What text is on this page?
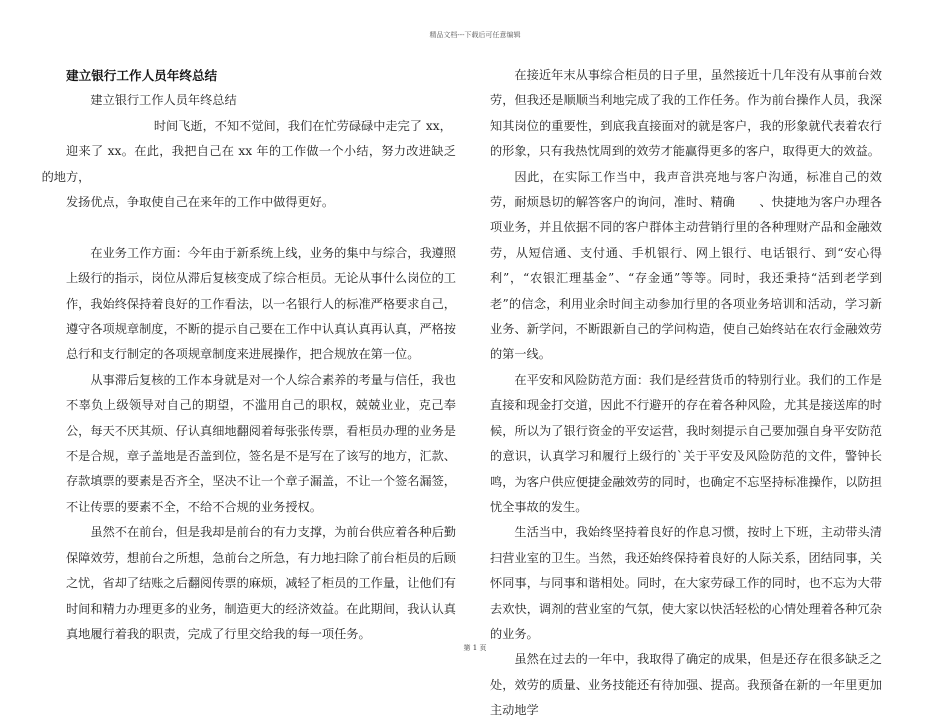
精品文档---下载后可任意编辑
建立银行工作人员年终总结

建立银行工作人员年终总结

时间飞逝，不知不觉间，我们在忙劳碌碌中走完了 xx，
迎来了 xx。在此，我把自己在 xx 年的工作做一个小结，努力改进缺乏的地方，
发扬优点，争取使自己在来年的工作中做得更好。

在业务工作方面：今年由于新系统上线，业务的集中与综合，我遵照上级行的指示，岗位从滞后复核变成了综合柜员。无论从事什么岗位的工作，我始终保持着良好的工作看法，以一名银行人的标准严格要求自己，遵守各项规章制度，不断的提示自己要在工作中认真认真再认真，严格按总行和支行制定的各项规章制度来进展操作，把合规放在第一位。

从事滞后复核的工作本身就是对一个人综合素养的考量与信任，我也不辜负上级领导对自己的期望，不滥用自己的职权，兢兢业业，克己奉公，每天不厌其烦、仔认真细地翻阅着每张张传票，看柜员办理的业务是不是合规，章子盖地是否盖到位，签名是不是写在了该写的地方，汇款、存款填票的要素是否齐全，坚决不让一个章子漏盖，不让一个签名漏签，不让传票的要素不全，不给不合规的业务授权。

虽然不在前台，但是我却是前台的有力支撑，为前台供应着各种后勤保障效劳，想前台之所想，急前台之所急，有力地扫除了前台柜员的后顾之忧，省却了结账之后翻阅传票的麻烦，减轻了柜员的工作量，让他们有时间和精力办理更多的业务，制造更大的经济效益。在此期间，我认认真真地履行着我的职责，完成了行里交给我的每一项任务。

在接近年末从事综合柜员的日子里，虽然接近十几年没有从事前台效劳，但我还是顺顺当利地完成了我的工作任务。作为前台操作人员，我深知其岗位的重要性，到底我直接面对的就是客户，我的形象就代表着农行的形象，只有我热忱周到的效劳才能赢得更多的客户，取得更大的效益。

因此，在实际工作当中，我声音洪亮地与客户沟通，标准自己的效劳，耐烦恳切的解答客户的询问，准时、精确　　、快捷地为客户办理各项业务，并且依据不同的客户群体主动营销行里的各种理财产品和金融效劳，从短信通、支付通、手机银行、网上银行、电话银行、到“安心得利”，“农银汇理基金”、“存金通”等等。同时，我还秉持“活到老学到老”的信念，利用业余时间主动参加行里的各项业务培训和活动，学习新业务、新学问，不断跟新自己的学问构造，使自己始终站在农行金融效劳的第一线。

在平安和风险防范方面：我们是经营货币的特别行业。我们的工作是直接和现金打交道，因此不行避开的存在着各种风险，尤其是接送库的时候，所以为了银行资金的平安运营，我时刻提示自己要加强自身平安防范的意识，认真学习和履行上级行的`关于平安及风险防范的文件，警钟长鸣，为客户供应便捷金融效劳的同时，也确定不忘坚持标准操作，以防担忧全事故的发生。

生活当中，我始终坚持着良好的作息习惯，按时上下班，主动带头清扫营业室的卫生。当然，我还始终保持着良好的人际关系，团结同事，关怀同事，与同事和谐相处。同时，在大家劳碌工作的同时，也不忘为大带去欢快，调剂的营业室的气氛，使大家以快活轻松的心情处理着各种冗杂的业务。

虽然在过去的一年中，我取得了确定的成果，但是还存在很多缺乏之处，效劳的质量、业务技能还有待加强、提高。我预备在新的一年里更加主动地学

第 1 页
